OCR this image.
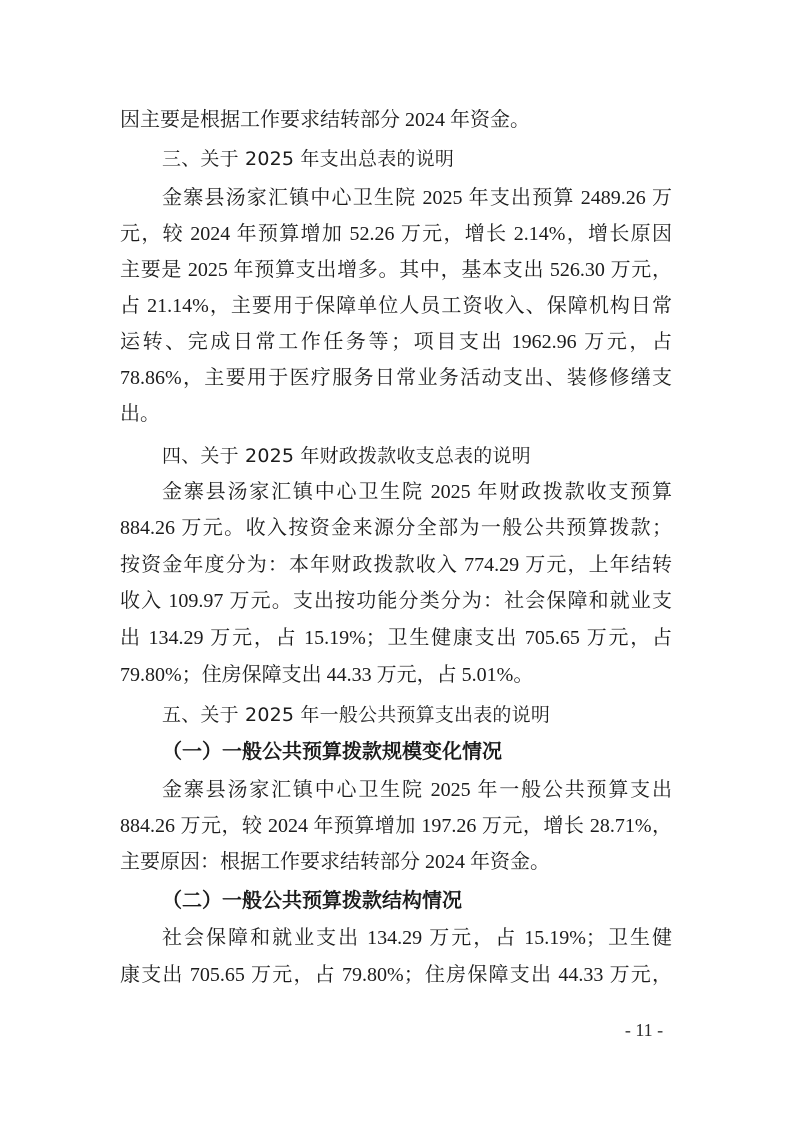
因主要是根据工作要求结转部分 2024 年资金。
三、关于 2025 年支出总表的说明
金寨县汤家汇镇中心卫生院 2025 年支出预算 2489.26 万
元，较 2024 年预算增加 52.26 万元，增长 2.14%，增长原因
主要是 2025 年预算支出增多。其中，基本支出 526.30 万元，
占 21.14%，主要用于保障单位人员工资收入、保障机构日常
运转、完成日常工作任务等；项目支出 1962.96 万元，占
78.86%，主要用于医疗服务日常业务活动支出、装修修缮支
出。
四、关于 2025 年财政拨款收支总表的说明
金寨县汤家汇镇中心卫生院 2025 年财政拨款收支预算
884.26 万元。收入按资金来源分全部为一般公共预算拨款；
按资金年度分为：本年财政拨款收入 774.29 万元，上年结转
收入 109.97 万元。支出按功能分类分为：社会保障和就业支
出 134.29 万元，占 15.19%；卫生健康支出 705.65 万元，占
79.80%；住房保障支出 44.33 万元，占 5.01%。
五、关于 2025 年一般公共预算支出表的说明
（一）一般公共预算拨款规模变化情况
金寨县汤家汇镇中心卫生院 2025 年一般公共预算支出
884.26 万元，较 2024 年预算增加 197.26 万元，增长 28.71%，
主要原因：根据工作要求结转部分 2024 年资金。
（二）一般公共预算拨款结构情况
社会保障和就业支出 134.29 万元，占 15.19%；卫生健
康支出 705.65 万元，占 79.80%；住房保障支出 44.33 万元，
- 11 -
